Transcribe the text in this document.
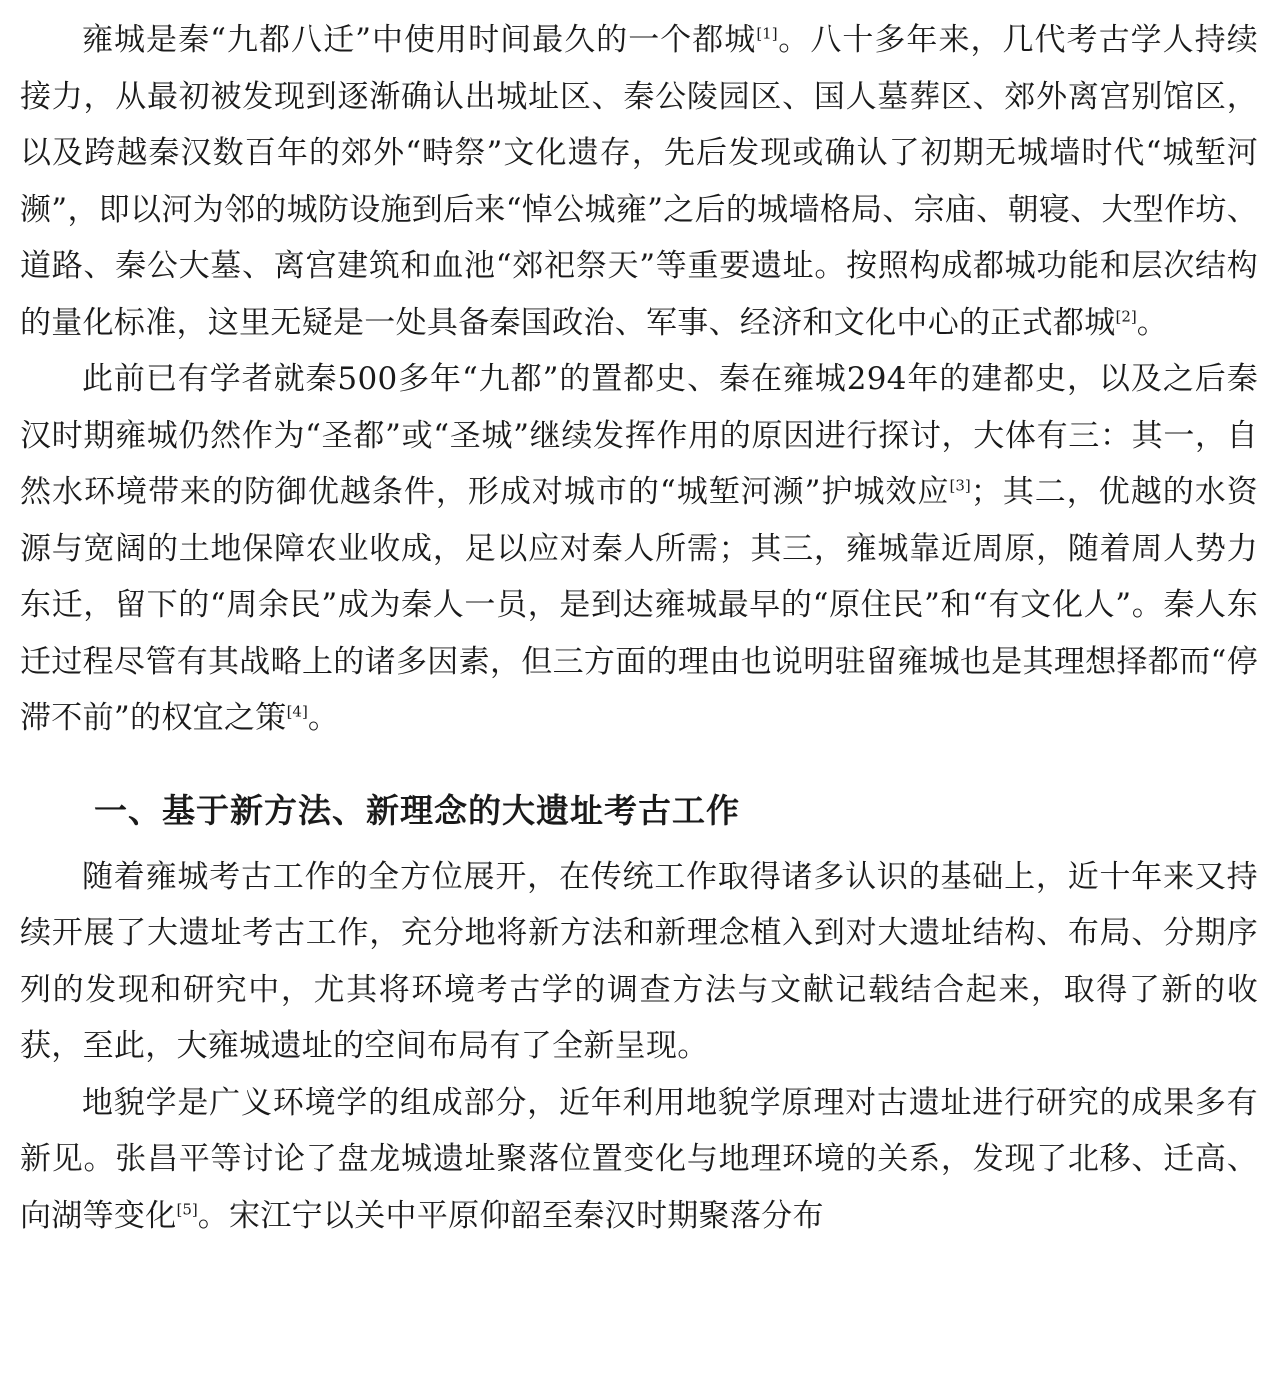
雍城是秦“九都八迁”中使用时间最久的一个都城[1]。八十多年来，几代考古学人持续接力，从最初被发现到逐渐确认出城址区、秦公陵园区、国人墓葬区、郊外离宫别馆区，以及跨越秦汉数百年的郊外“畤祭”文化遗存，先后发现或确认了初期无城墙时代“城堑河濒”，即以河为邻的城防设施到后来“悼公城雍”之后的城墙格局、宗庙、朝寝、大型作坊、道路、秦公大墓、离宫建筑和血池“郊祀祭天”等重要遗址。按照构成都城功能和层次结构的量化标准，这里无疑是一处具备秦国政治、军事、经济和文化中心的正式都城[2]。

此前已有学者就秦500多年“九都”的置都史、秦在雍城294年的建都史，以及之后秦汉时期雍城仍然作为“圣都”或“圣城”继续发挥作用的原因进行探讨，大体有三：其一，自然水环境带来的防御优越条件，形成对城市的“城堑河濒”护城效应[3]；其二，优越的水资源与宽阔的土地保障农业收成，足以应对秦人所需；其三，雍城靠近周原，随着周人势力东迁，留下的“周余民”成为秦人一员，是到达雍城最早的“原住民”和“有文化人”。秦人东迁过程尽管有其战略上的诸多因素，但三方面的理由也说明驻留雍城也是其理想择都而“停滞不前”的权宜之策[4]。

一、基于新方法、新理念的大遗址考古工作

随着雍城考古工作的全方位展开，在传统工作取得诸多认识的基础上，近十年来又持续开展了大遗址考古工作，充分地将新方法和新理念植入到对大遗址结构、布局、分期序列的发现和研究中，尤其将环境考古学的调查方法与文献记载结合起来，取得了新的收获，至此，大雍城遗址的空间布局有了全新呈现。

地貌学是广义环境学的组成部分，近年利用地貌学原理对古遗址进行研究的成果多有新见。张昌平等讨论了盘龙城遗址聚落位置变化与地理环境的关系，发现了北移、迁高、向湖等变化[5]。宋江宁以关中平原仰韶至秦汉时期聚落分布
